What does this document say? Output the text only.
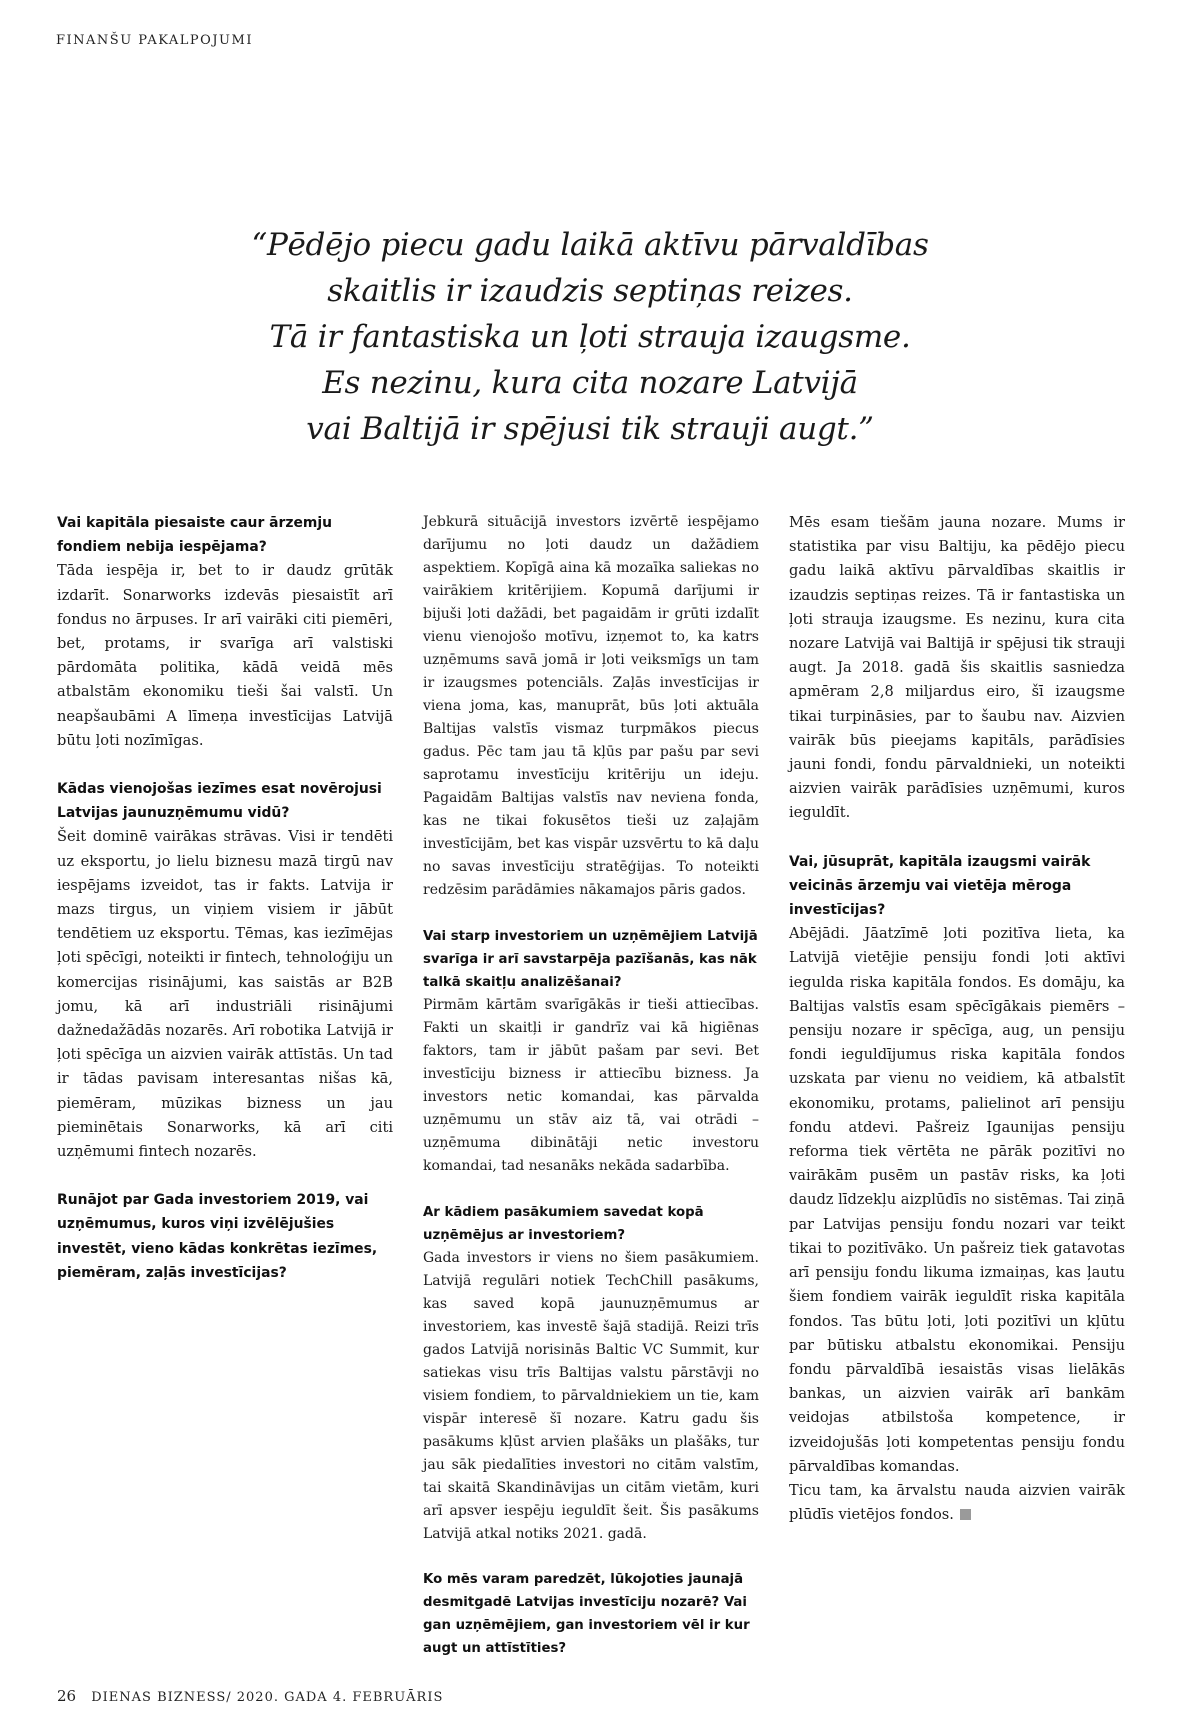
FINANŠU PAKALPOJUMI
“Pēdējo piecu gadu laikā aktīvu pārvaldības
skaitlis ir izaudzis septiņas reizes.
Tā ir fantastiska un ļoti strauja izaugsme.
Es nezinu, kura cita nozare Latvijā
vai Baltijā ir spējusi tik strauji augt.”

Vai kapitāla piesaiste caur ārzemju fondiem nebija iespējama?

Tāda iespēja ir, bet to ir daudz grūtāk izdarīt. Sonarworks izdevās piesaistīt arī fondus no ārpuses. Ir arī vairāki citi piemēri, bet, protams, ir svarīga arī valstiski pārdomāta politika, kādā veidā mēs atbalstām ekonomiku tieši šai valstī. Un neapšaubāmi A līmeņa investīcijas Latvijā būtu ļoti nozīmīgas.

Kādas vienojošas iezīmes esat novērojusi Latvijas jaunuzņēmumu vidū?

Šeit dominē vairākas strāvas. Visi ir tendēti uz eksportu, jo lielu biznesu mazā tirgū nav iespējams izveidot, tas ir fakts. Latvija ir mazs tirgus, un viņiem visiem ir jābūt tendētiem uz eksportu. Tēmas, kas iezīmējas ļoti spēcīgi, noteikti ir fintech, tehnoloģiju un komercijas risinājumi, kas saistās ar B2B jomu, kā arī industriāli risinājumi dažnedažādās nozarēs. Arī robotika Latvijā ir ļoti spēcīga un aizvien vairāk attīstās. Un tad ir tādas pavisam interesantas nišas kā, piemēram, mūzikas bizness un jau pieminētais Sonarworks, kā arī citi uzņēmumi fintech nozarēs.

Runājot par Gada investoriem 2019, vai uzņēmumus, kuros viņi izvēlējušies investēt, vieno kādas konkrētas iezīmes, piemēram, zaļās investīcijas?

Jebkurā situācijā investors izvērtē iespējamo darījumu no ļoti daudz un dažādiem aspektiem. Kopīgā aina kā mozaīka saliekas no vairākiem kritērijiem. Kopumā darījumi ir bijuši ļoti dažādi, bet pagaidām ir grūti izdalīt vienu vienojošo motīvu, izņemot to, ka katrs uzņēmums savā jomā ir ļoti veiksmīgs un tam ir izaugsmes potenciāls. Zaļās investīcijas ir viena joma, kas, manuprāt, būs ļoti aktuāla Baltijas valstīs vismaz turpmākos piecus gadus. Pēc tam jau tā kļūs par pašu par sevi saprotamu investīciju kritēriju un ideju. Pagaidām Baltijas valstīs nav neviena fonda, kas ne tikai fokusētos tieši uz zaļajām investīcijām, bet kas vispār uzsvērtu to kā daļu no savas investīciju stratēģijas. To noteikti redzēsim parādāmies nākamajos pāris gados.

Vai starp investoriem un uzņēmējiem Latvijā svarīga ir arī savstarpēja pazīšanās, kas nāk talkā skaitļu analizēšanai?

Pirmām kārtām svarīgākās ir tieši attiecības. Fakti un skaitļi ir gandrīz vai kā higiēnas faktors, tam ir jābūt pašam par sevi. Bet investīciju bizness ir attiecību bizness. Ja investors netic komandai, kas pārvalda uzņēmumu un stāv aiz tā, vai otrādi – uzņēmuma dibinātāji netic investoru komandai, tad nesanāks nekāda sadarbība.

Ar kādiem pasākumiem savedat kopā uzņēmējus ar investoriem?

Gada investors ir viens no šiem pasākumiem. Latvijā regulāri notiek TechChill pasākums, kas saved kopā jaunuzņēmumus ar investoriem, kas investē šajā stadijā. Reizi trīs gados Latvijā norisinās Baltic VC Summit, kur satiekas visu trīs Baltijas valstu pārstāvji no visiem fondiem, to pārvaldniekiem un tie, kam vispār interesē šī nozare. Katru gadu šis pasākums kļūst arvien plašāks un plašāks, tur jau sāk piedalīties investori no citām valstīm, tai skaitā Skandināvijas un citām vietām, kuri arī apsver iespēju ieguldīt šeit. Šis pasākums Latvijā atkal notiks 2021. gadā.

Ko mēs varam paredzēt, lūkojoties jaunajā desmitgadē Latvijas investīciju nozarē? Vai gan uzņēmējiem, gan investoriem vēl ir kur augt un attīstīties?

Mēs esam tiešām jauna nozare. Mums ir statistika par visu Baltiju, ka pēdējo piecu gadu laikā aktīvu pārvaldības skaitlis ir izaudzis septiņas reizes. Tā ir fantastiska un ļoti strauja izaugsme. Es nezinu, kura cita nozare Latvijā vai Baltijā ir spējusi tik strauji augt. Ja 2018. gadā šis skaitlis sasniedza apmēram 2,8 miljardus eiro, šī izaugsme tikai turpināsies, par to šaubu nav. Aizvien vairāk būs pieejams kapitāls, parādīsies jauni fondi, fondu pārvaldnieki, un noteikti aizvien vairāk parādīsies uzņēmumi, kuros ieguldīt.

Vai, jūsuprāt, kapitāla izaugsmi vairāk veicinās ārzemju vai vietēja mēroga investīcijas?

Abējādi. Jāatzīmē ļoti pozitīva lieta, ka Latvijā vietējie pensiju fondi ļoti aktīvi iegulda riska kapitāla fondos. Es domāju, ka Baltijas valstīs esam spēcīgākais piemērs – pensiju nozare ir spēcīga, aug, un pensiju fondi ieguldījumus riska kapitāla fondos uzskata par vienu no veidiem, kā atbalstīt ekonomiku, protams, palielinot arī pensiju fondu atdevi. Pašreiz Igaunijas pensiju reforma tiek vērtēta ne pārāk pozitīvi no vairākām pusēm un pastāv risks, ka ļoti daudz līdzekļu aizplūdīs no sistēmas. Tai ziņā par Latvijas pensiju fondu nozari var teikt tikai to pozitīvāko. Un pašreiz tiek gatavotas arī pensiju fondu likuma izmaiņas, kas ļautu šiem fondiem vairāk ieguldīt riska kapitāla fondos. Tas būtu ļoti, ļoti pozitīvi un kļūtu par būtisku atbalstu ekonomikai. Pensiju fondu pārvaldībā iesaistās visas lielākās bankas, un aizvien vairāk arī bankām veidojas atbilstoša kompetence, ir izveidojušās ļoti kompetentas pensiju fondu pārvaldības komandas.

Ticu tam, ka ārvalstu nauda aizvien vairāk plūdīs vietējos fondos.

26 DIENAS BIZNESS/ 2020. GADA 4. FEBRUĀRIS
